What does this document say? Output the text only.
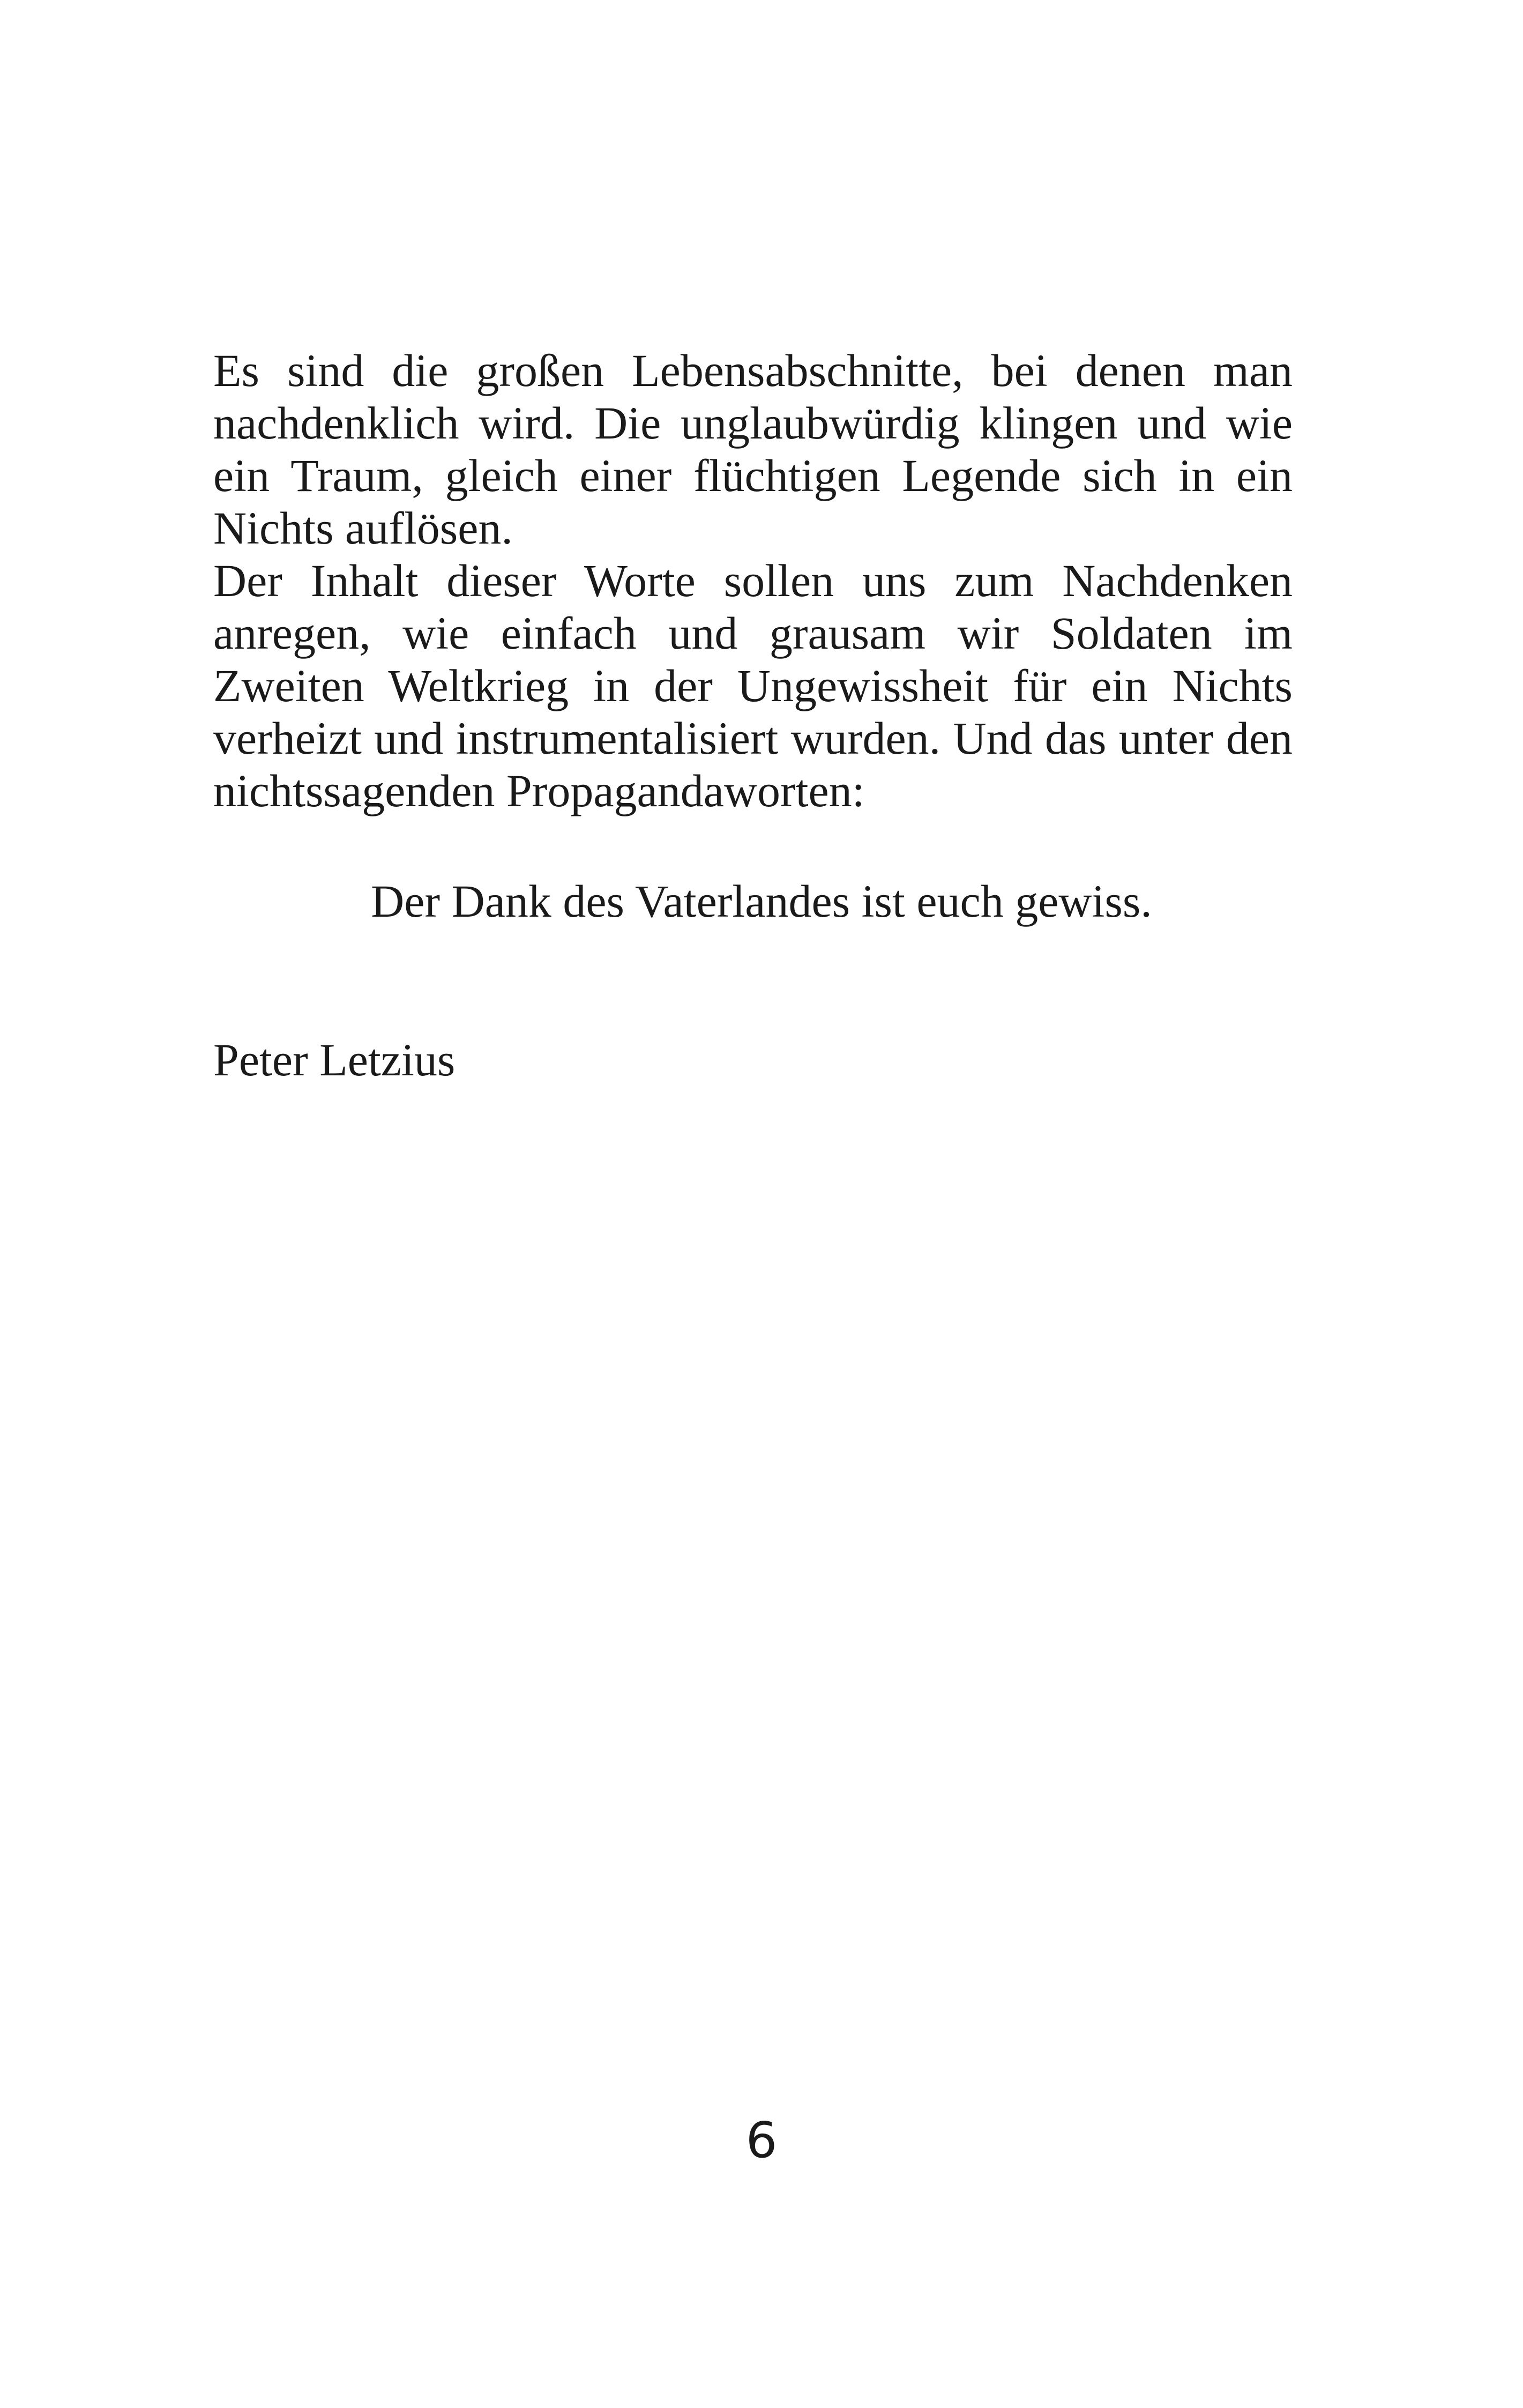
Es sind die großen Lebensabschnitte, bei denen man nachdenklich wird. Die unglaubwürdig klingen und wie ein Traum, gleich einer flüchtigen Legende sich in ein Nichts auflösen.

Der Inhalt dieser Worte sollen uns zum Nachdenken anregen, wie einfach und grausam wir Soldaten im Zweiten Weltkrieg in der Ungewissheit für ein Nichts verheizt und instrumentalisiert wurden. Und das unter den nichtssagenden Propagandaworten:

Der Dank des Vaterlandes ist euch gewiss.
Peter Letzius
6
